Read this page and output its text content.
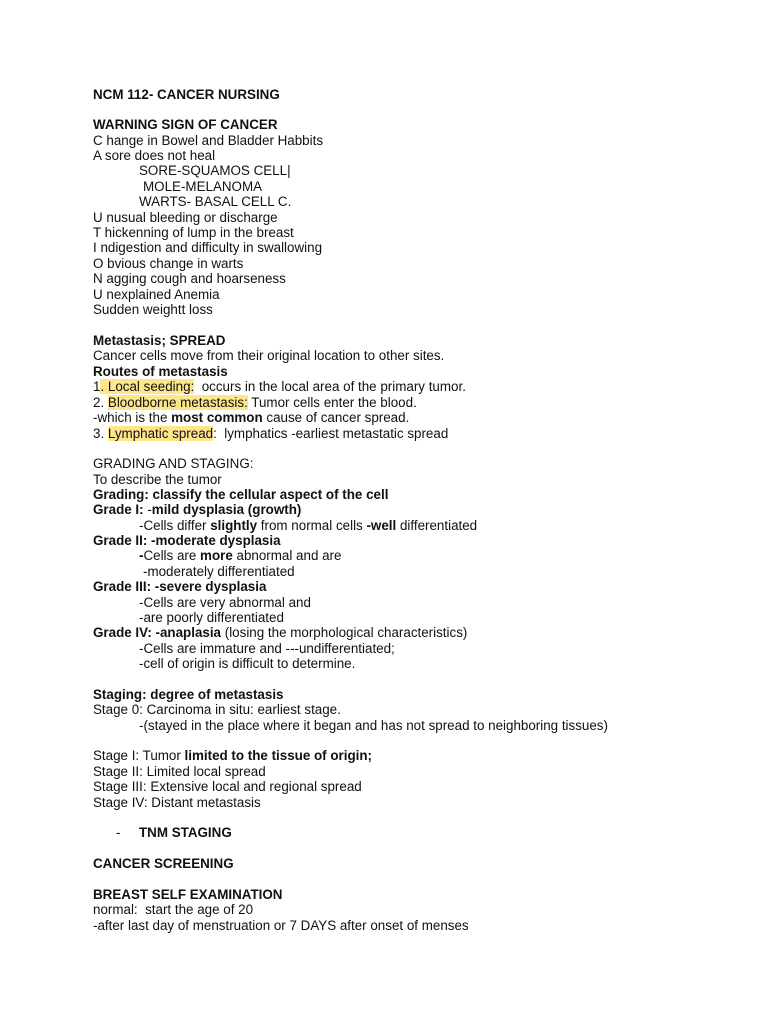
NCM 112- CANCER NURSING
WARNING SIGN OF CANCER
C hange in Bowel and Bladder Habbits
A sore does not heal
SORE-SQUAMOS CELL|
MOLE-MELANOMA
WARTS- BASAL CELL C.
U nusual bleeding or discharge
T hickenning of lump in the breast
I ndigestion and difficulty in swallowing
O bvious change in warts
N agging cough and hoarseness
U nexplained Anemia
Sudden weightt loss
Metastasis; SPREAD
Cancer cells move from their original location to other sites.
Routes of metastasis
1. Local seeding:  occurs in the local area of the primary tumor.
2. Bloodborne metastasis: Tumor cells enter the blood.
-which is the most common cause of cancer spread.
3. Lymphatic spread:  lymphatics -earliest metastatic spread
GRADING AND STAGING:
To describe the tumor
Grading: classify the cellular aspect of the cell
Grade I: -mild dysplasia (growth)
-Cells differ slightly from normal cells -well differentiated
Grade II: -moderate dysplasia
-Cells are more abnormal and are
-moderately differentiated
Grade III: -severe dysplasia
-Cells are very abnormal and
-are poorly differentiated
Grade IV: -anaplasia (losing the morphological characteristics)
-Cells are immature and ---undifferentiated;
-cell of origin is difficult to determine.
Staging: degree of metastasis
Stage 0: Carcinoma in situ: earliest stage.
-(stayed in the place where it began and has not spread to neighboring tissues)
Stage I: Tumor limited to the tissue of origin;
Stage II: Limited local spread
Stage III: Extensive local and regional spread
Stage IV: Distant metastasis
- TNM STAGING
CANCER SCREENING
BREAST SELF EXAMINATION
normal:  start the age of 20
-after last day of menstruation or 7 DAYS after onset of menses
